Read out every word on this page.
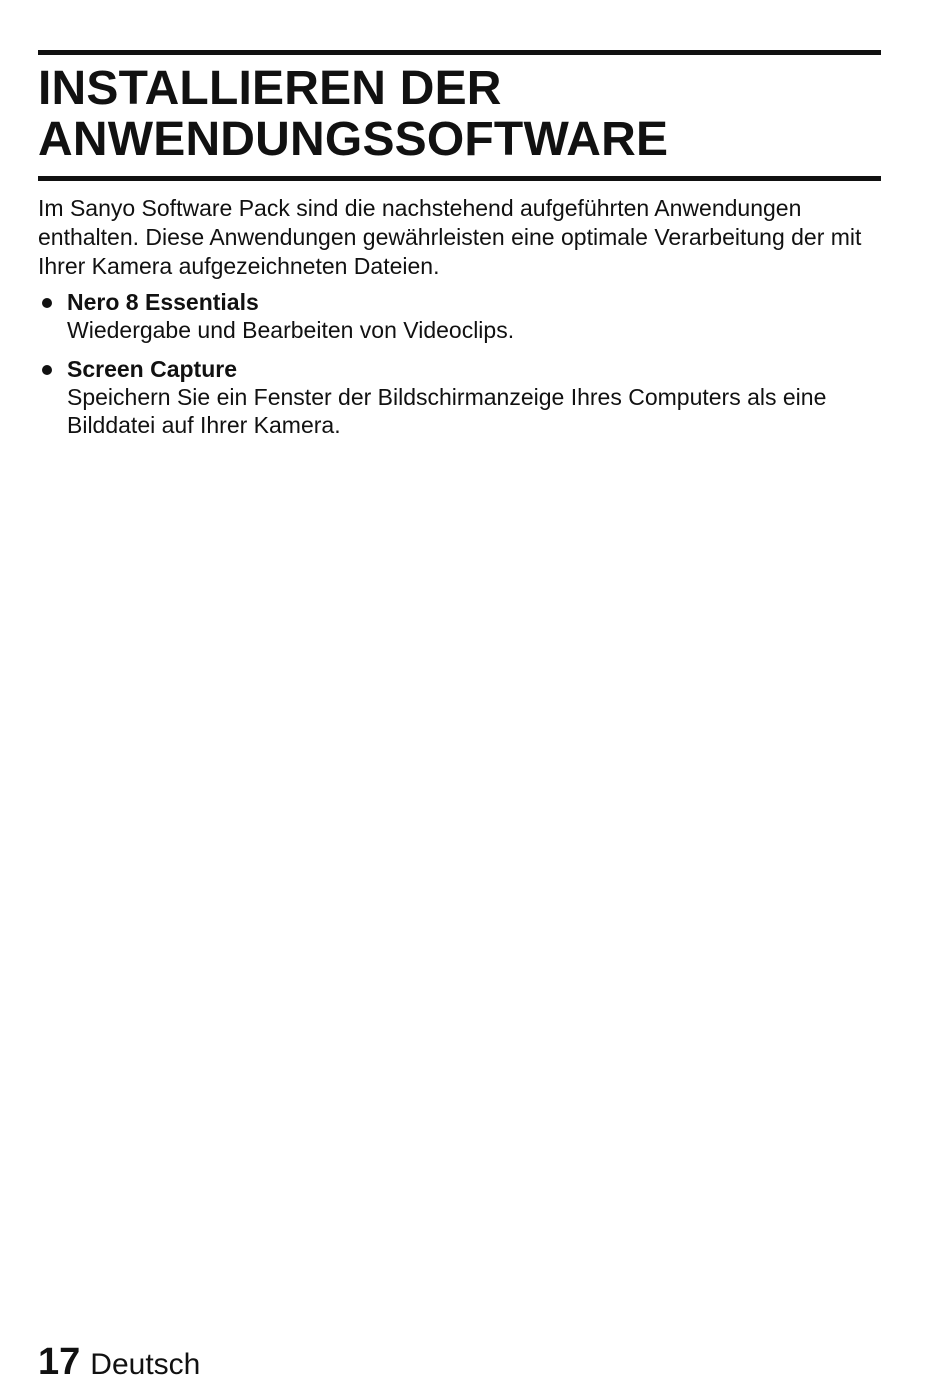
INSTALLIEREN DER
ANWENDUNGSSOFTWARE

Im Sanyo Software Pack sind die nachstehend aufgeführten Anwendungen enthalten. Diese Anwendungen gewährleisten eine optimale Verarbeitung der mit Ihrer Kamera aufgezeichneten Dateien.

Nero 8 Essentials
Wiedergabe und Bearbeiten von Videoclips.
Screen Capture
Speichern Sie ein Fenster der Bildschirmanzeige Ihres Computers als eine Bilddatei auf Ihrer Kamera.
17 Deutsch
